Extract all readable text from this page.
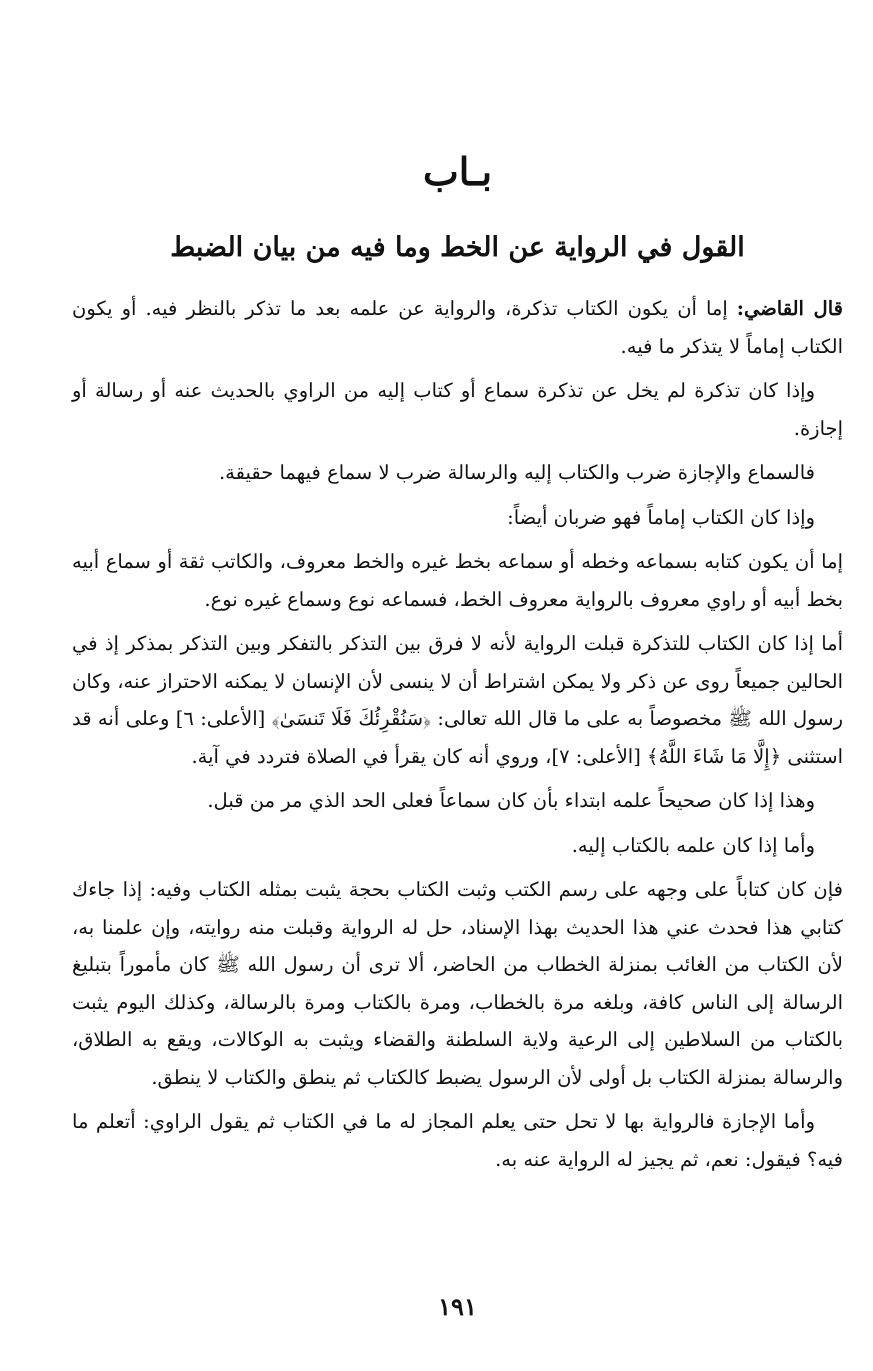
بـاب
القول في الرواية عن الخط وما فيه من بيان الضبط

قال القاضي: إما أن يكون الكتاب تذكرة، والرواية عن علمه بعد ما تذكر بالنظر فيه. أو يكون الكتاب إماماً لا يتذكر ما فيه.

وإذا كان تذكرة لم يخل عن تذكرة سماع أو كتاب إليه من الراوي بالحديث عنه أو رسالة أو إجازة.

فالسماع والإجازة ضرب والكتاب إليه والرسالة ضرب لا سماع فيهما حقيقة.

وإذا كان الكتاب إماماً فهو ضربان أيضاً:

إما أن يكون كتابه بسماعه وخطه أو سماعه بخط غيره والخط معروف، والكاتب ثقة أو سماع أبيه بخط أبيه أو راوي معروف بالرواية معروف الخط، فسماعه نوع وسماع غيره نوع.

أما إذا كان الكتاب للتذكرة قبلت الرواية لأنه لا فرق بين التذكر بالتفكر وبين التذكر بمذكر إذ في الحالين جميعاً روى عن ذكر ولا يمكن اشتراط أن لا ينسى لأن الإنسان لا يمكنه الاحتراز عنه، وكان رسول الله ﷺ مخصوصاً به على ما قال الله تعالى: ﴿سَنُقْرِئُكَ فَلَا تَنسَىٰ﴾ [الأعلى: ٦] وعلى أنه قد استثنى ﴿إِلَّا مَا شَاءَ اللَّهُ﴾ [الأعلى: ٧]، وروي أنه كان يقرأ في الصلاة فتردد في آية.

وهذا إذا كان صحيحاً علمه ابتداء بأن كان سماعاً فعلى الحد الذي مر من قبل.

وأما إذا كان علمه بالكتاب إليه.

فإن كان كتاباً على وجهه على رسم الكتب وثبت الكتاب بحجة يثبت بمثله الكتاب وفيه: إذا جاءك كتابي هذا فحدث عني هذا الحديث بهذا الإسناد، حل له الرواية وقبلت منه روايته، وإن علمنا به، لأن الكتاب من الغائب بمنزلة الخطاب من الحاضر، ألا ترى أن رسول الله ﷺ كان مأموراً بتبليغ الرسالة إلى الناس كافة، وبلغه مرة بالخطاب، ومرة بالكتاب ومرة بالرسالة، وكذلك اليوم يثبت بالكتاب من السلاطين إلى الرعية ولاية السلطنة والقضاء ويثبت به الوكالات، ويقع به الطلاق، والرسالة بمنزلة الكتاب بل أولى لأن الرسول يضبط كالكتاب ثم ينطق والكتاب لا ينطق.

وأما الإجازة فالرواية بها لا تحل حتى يعلم المجاز له ما في الكتاب ثم يقول الراوي: أتعلم ما فيه؟ فيقول: نعم، ثم يجيز له الرواية عنه به.

١٩١
